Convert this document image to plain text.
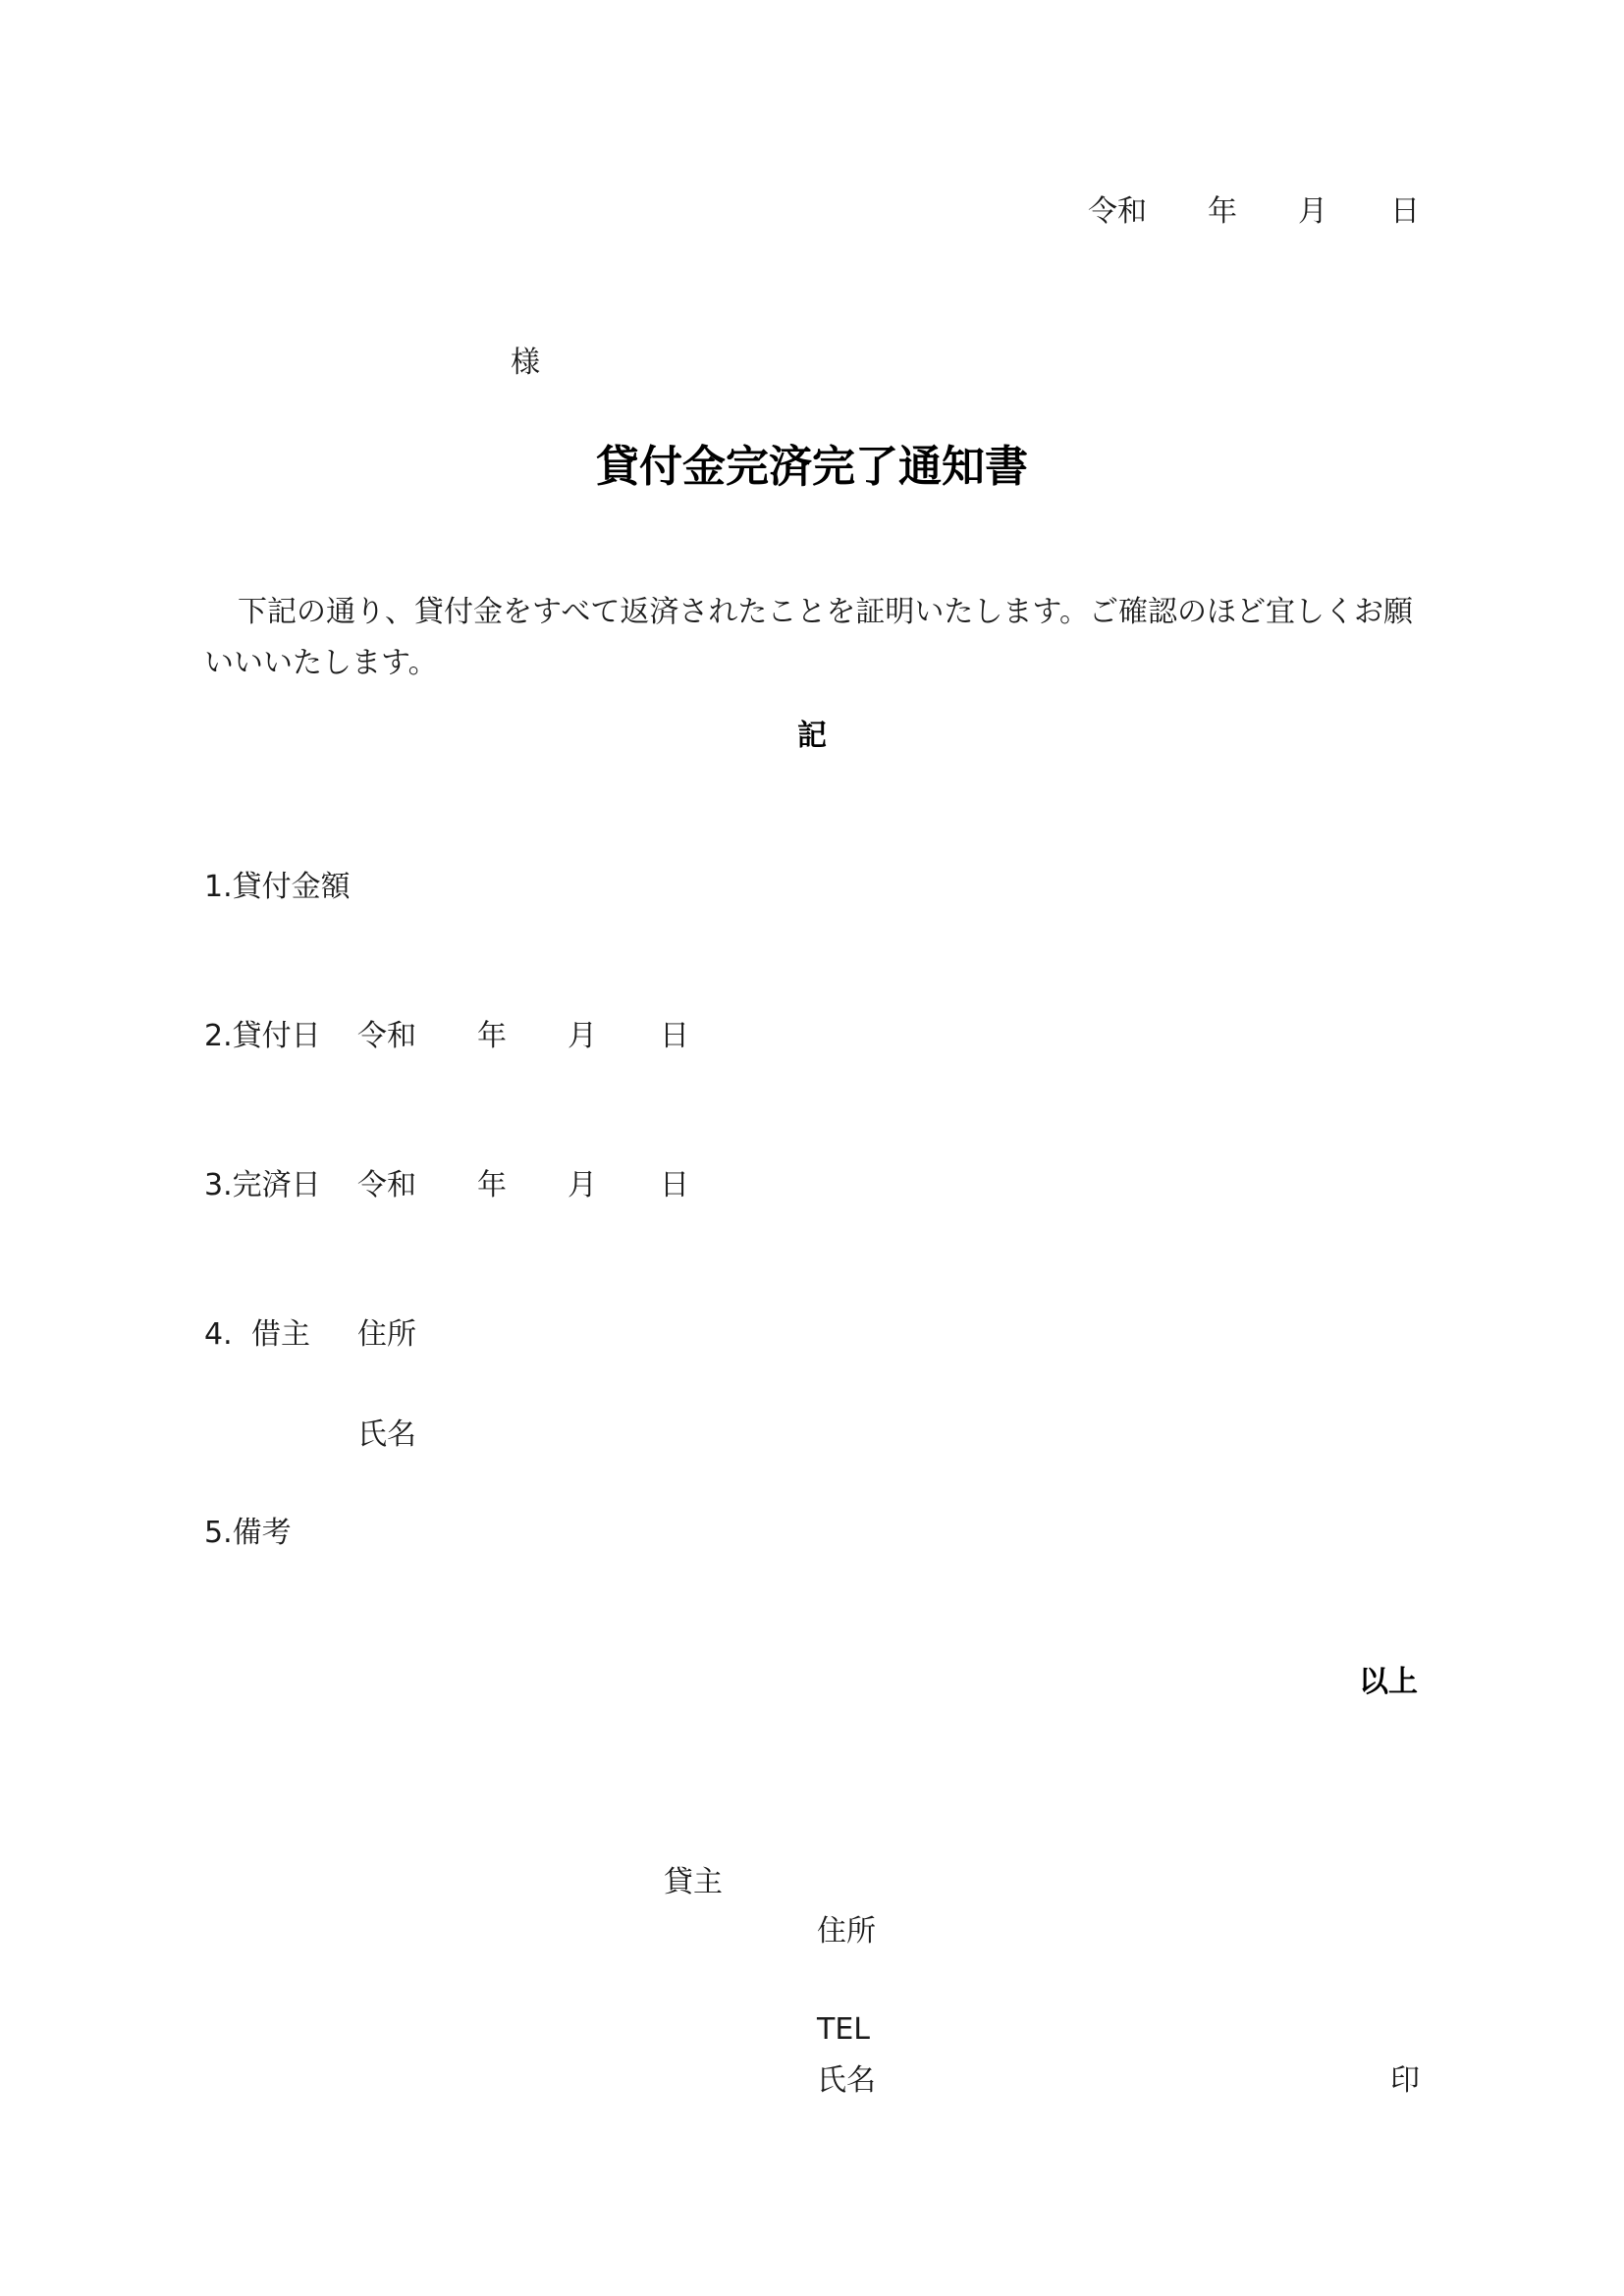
令和 年 月 日
様
貸付金完済完了通知書

下記の通り、貸付金をすべて返済されたことを証明いたします。ご確認のほど宜しくお願いいいたします。

記
1.貸付金額
2.貸付日 令和 年 月 日
3.完済日 令和 年 月 日
4. 借主 住所
氏名
5.備考
以上
貸主
住所
TEL
氏名	印
